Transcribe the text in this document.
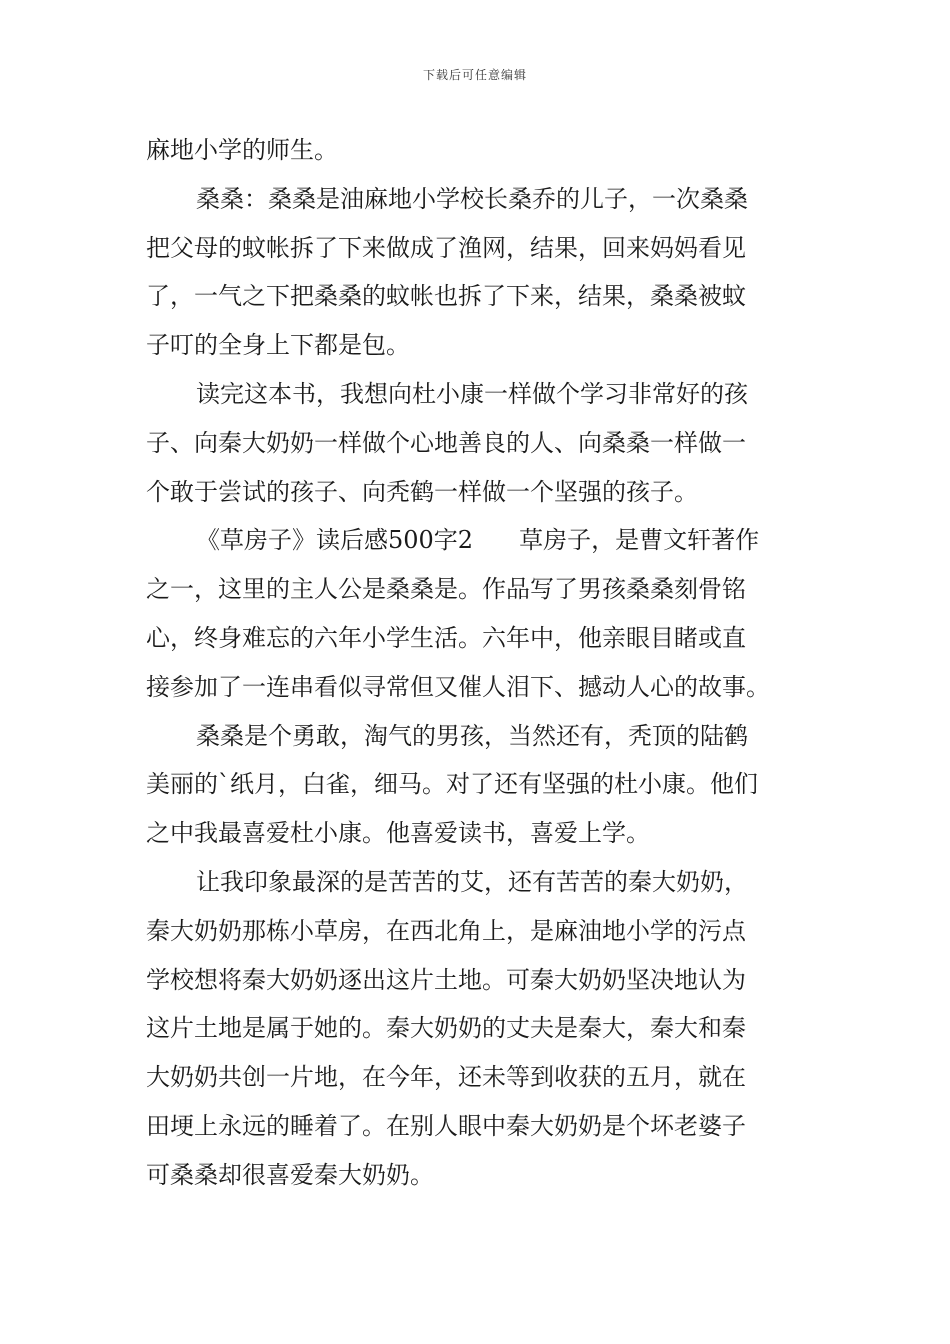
下载后可任意编辑
麻地小学的师生。
桑桑：桑桑是油麻地小学校长桑乔的儿子，一次桑桑
把父母的蚊帐拆了下来做成了渔网，结果，回来妈妈看见
了，一气之下把桑桑的蚊帐也拆了下来，结果，桑桑被蚊
子叮的全身上下都是包。
读完这本书，我想向杜小康一样做个学习非常好的孩
子、向秦大奶奶一样做个心地善良的人、向桑桑一样做一
个敢于尝试的孩子、向秃鹤一样做一个坚强的孩子。
《草房子》读后感500字2 草房子，是曹文轩著作
之一，这里的主人公是桑桑是。作品写了男孩桑桑刻骨铭
心，终身难忘的六年小学生活。六年中，他亲眼目睹或直
接参加了一连串看似寻常但又催人泪下、撼动人心的故事。
桑桑是个勇敢，淘气的男孩，当然还有，秃顶的陆鹤
美丽的`纸月，白雀，细马。对了还有坚强的杜小康。他们
之中我最喜爱杜小康。他喜爱读书，喜爱上学。
让我印象最深的是苦苦的艾，还有苦苦的秦大奶奶，
秦大奶奶那栋小草房，在西北角上，是麻油地小学的污点
学校想将秦大奶奶逐出这片土地。可秦大奶奶坚决地认为
这片土地是属于她的。秦大奶奶的丈夫是秦大，秦大和秦
大奶奶共创一片地，在今年，还未等到收获的五月，就在
田埂上永远的睡着了。在别人眼中秦大奶奶是个坏老婆子
可桑桑却很喜爱秦大奶奶。
